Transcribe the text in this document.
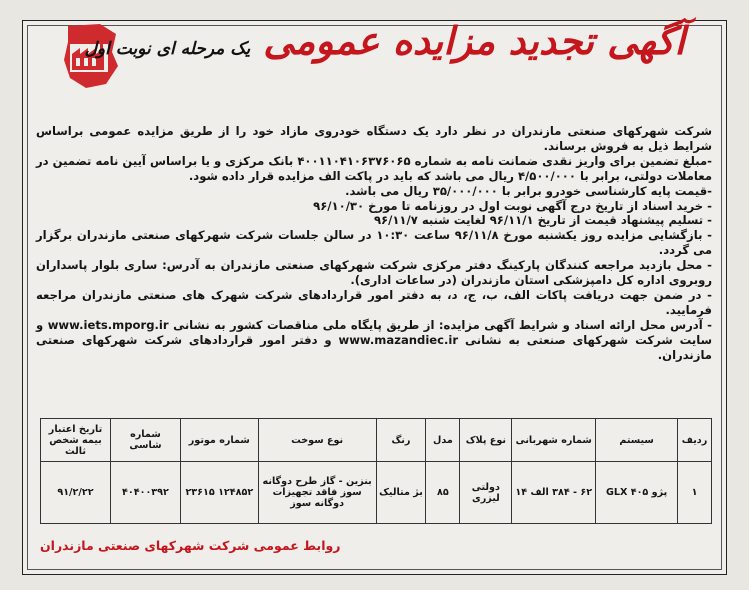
آگهی تجدید مزایده عمومی یک مرحله ای نوبت اول

شرکت شهرکهای صنعتی مازندران در نظر دارد یک دستگاه خودروی مازاد خود را از طریق مزایده عمومی براساس شرایط ذیل به فروش برساند.

-مبلغ تضمین برای واریز نقدی ضمانت نامه به شماره ۴۰۰۱۱۰۴۱۰۶۳۷۶۰۶۵ بانک مرکزی و یا براساس آیین نامه تضمین در معاملات دولتی، برابر با ۴/۵۰۰/۰۰۰ ریال می باشد که باید در پاکت الف مزایده قرار داده شود.

-قیمت پایه کارشناسی خودرو برابر با ۳۵/۰۰۰/۰۰۰ ریال می باشد.

- خرید اسناد از تاریخ درج آگهی نوبت اول در روزنامه تا مورخ ۹۶/۱۰/۳۰

- تسلیم پیشنهاد قیمت از تاریخ ۹۶/۱۱/۱ لغایت شنبه ۹۶/۱۱/۷

- بازگشایی مزایده روز یکشنبه مورخ ۹۶/۱۱/۸ ساعت ۱۰:۳۰ در سالن جلسات شرکت شهرکهای صنعتی مازندران برگزار می گردد.

- محل بازدید مراجعه کنندگان پارکینگ دفتر مرکزی شرکت شهرکهای صنعتی مازندران به آدرس: ساری بلوار پاسداران روبروی اداره کل دامپزشکی استان مازندران (در ساعات اداری).

- در ضمن جهت دریافت پاکات الف، ب، ج، د، به دفتر امور قراردادهای شرکت شهرک های صنعتی مازندران مراجعه فرمایید.

- آدرس محل ارائه اسناد و شرایط آگهی مزایده: از طریق پایگاه ملی مناقصات کشور به نشانی www.iets.mporg.ir و سایت شرکت شهرکهای صنعتی به نشانی www.mazandiec.ir و دفتر امور قراردادهای شرکت شهرکهای صنعتی مازندران.

ردیف	سیستم	شماره شهربانی	نوع پلاک	مدل	رنگ	نوع سوخت	شماره موتور	شماره شاسی	تاریخ اعتبار بیمه شخص ثالث
۱	پژو GLX ۴۰۵	۶۲ - ۳۸۴ الف ۱۴	دولتی لیزری	۸۵	بژ متالیک	بنزین - گاز طرح دوگانه سوز فاقد تجهیزات دوگانه سوز	۱۲۴۸۵۲ ۲۳۶۱۵	۴۰۴۰۰۳۹۲	۹۱/۲/۲۲
روابط عمومی شرکت شهرکهای صنعتی مازندران
